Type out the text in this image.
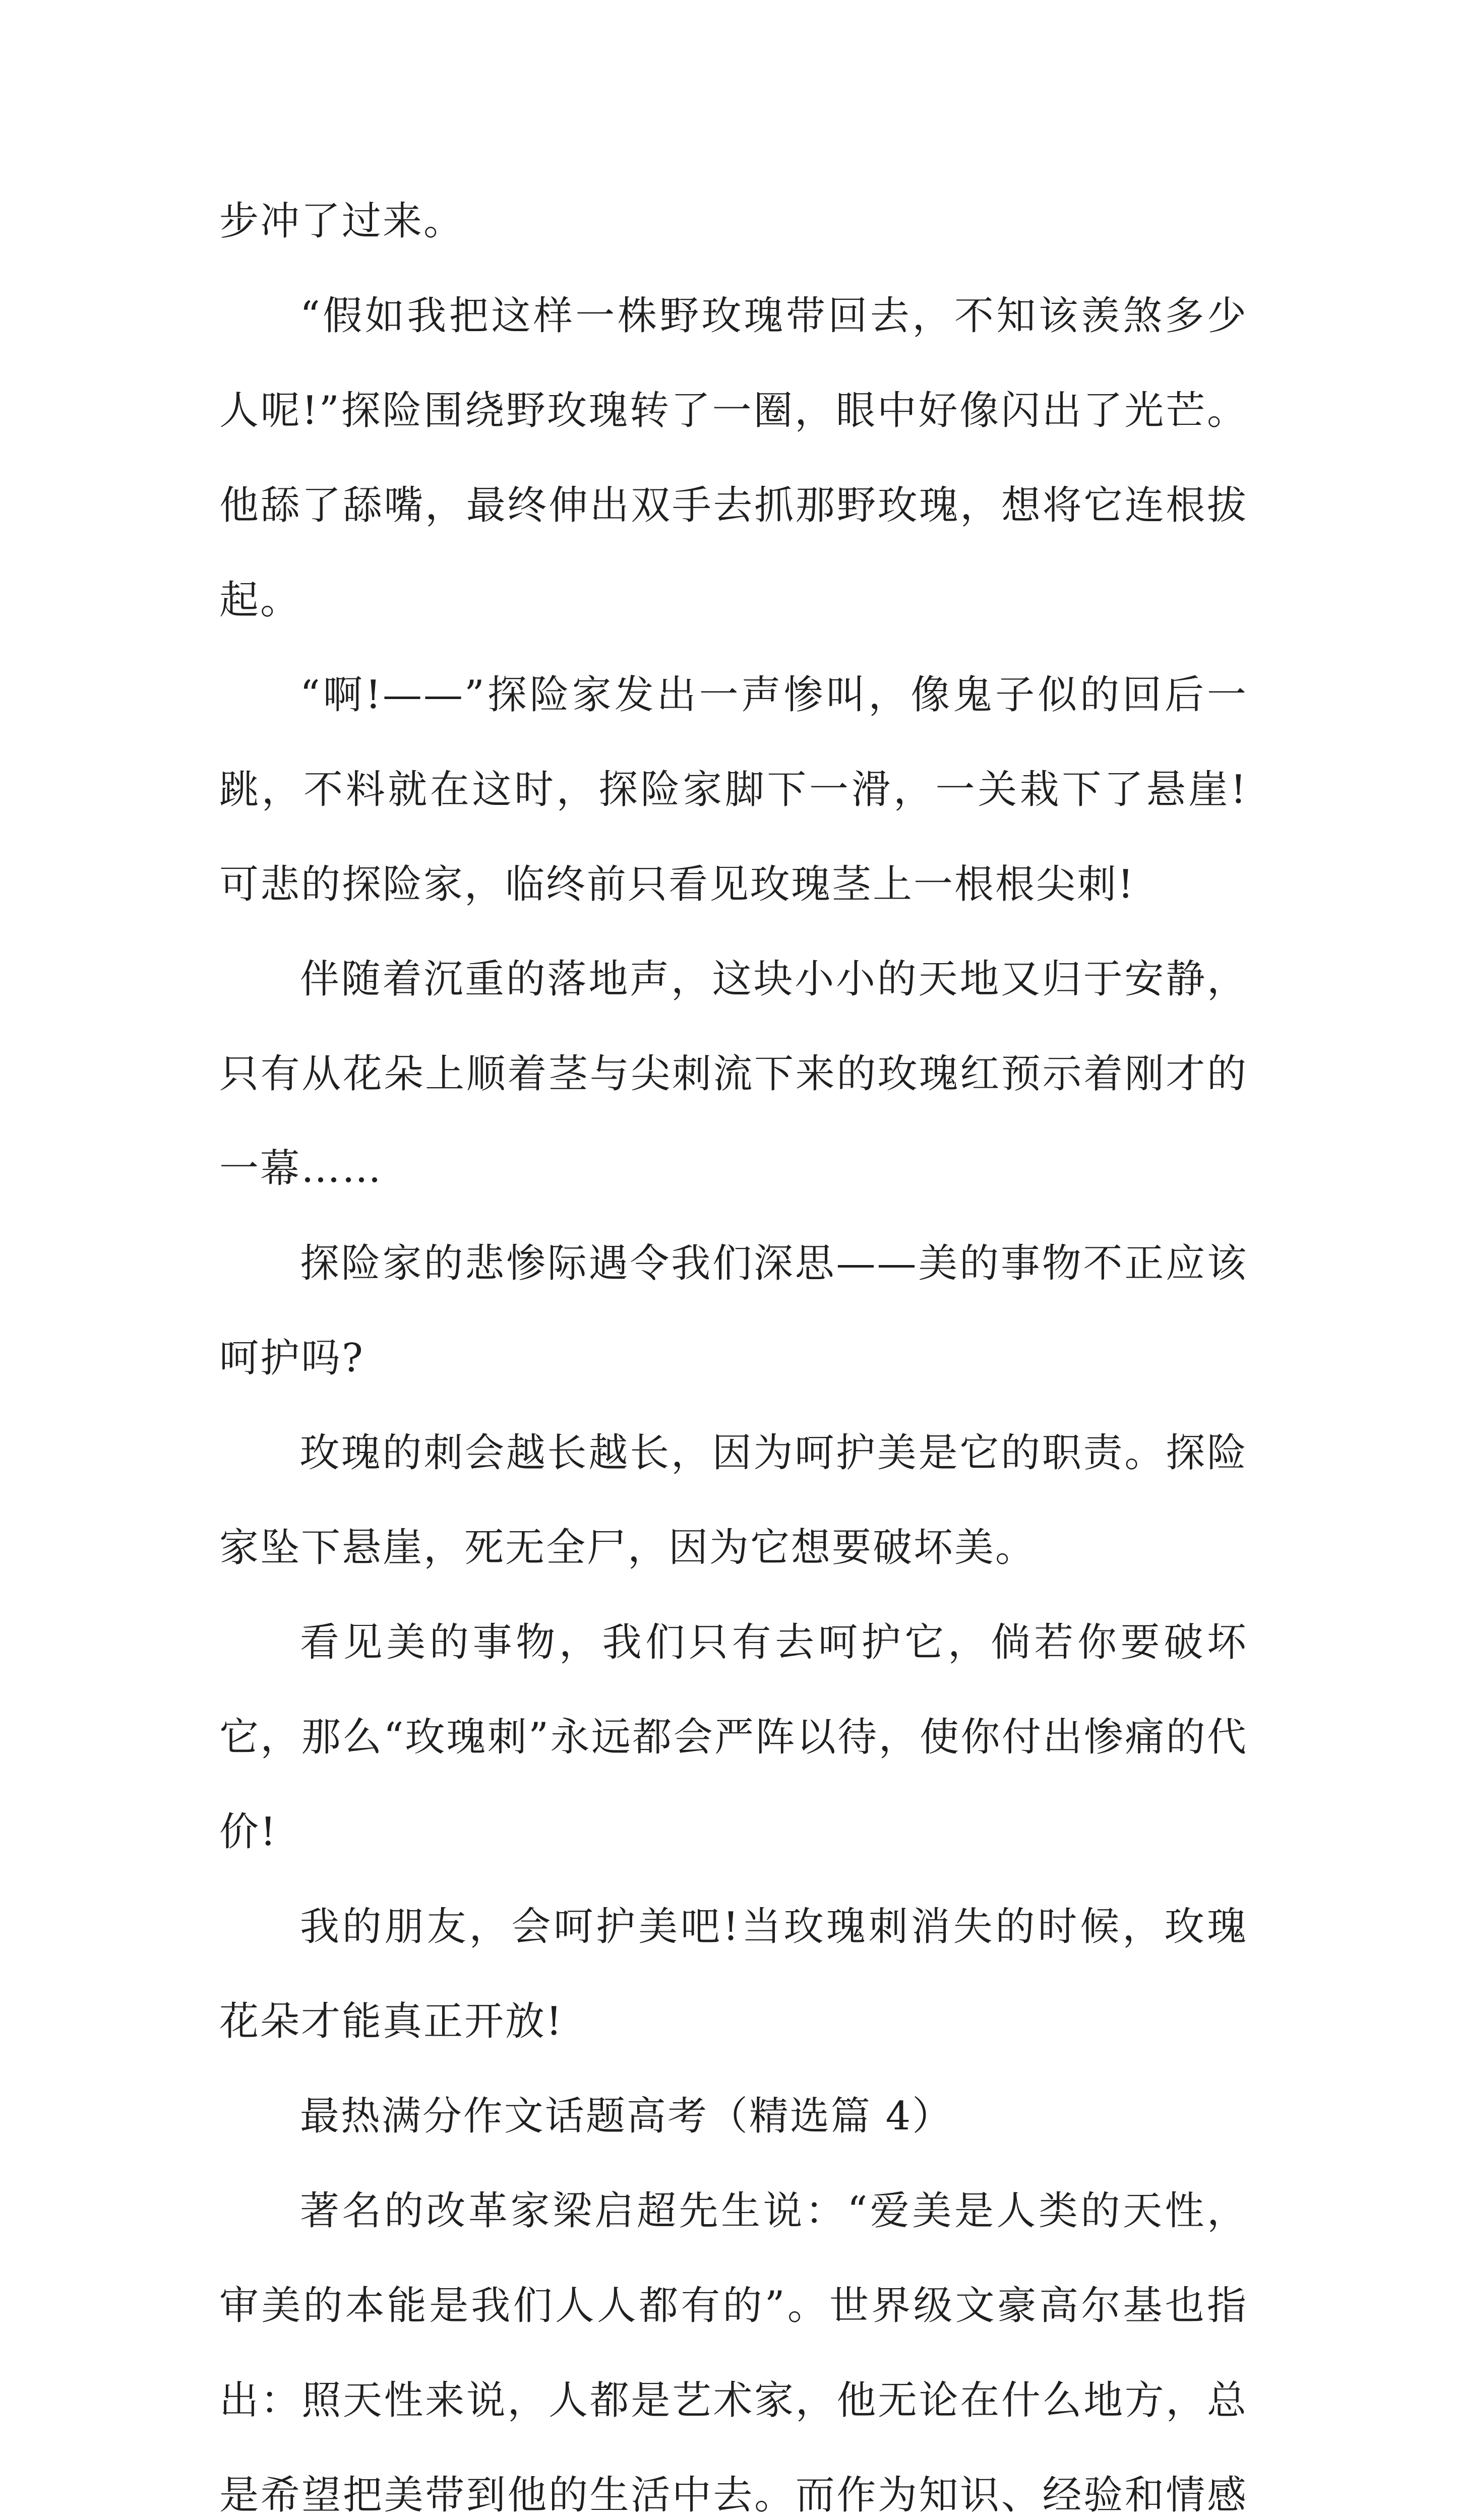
步冲了过来。

“假如我把这样一株野玫瑰带回去，不知该羡煞多少人呢!”探险围绕野玫瑰转了一圈，眼中好像闪出了光芒。他舔了舔嘴，最终伸出双手去抓那野玫瑰，想将它连根拔起。

“啊!——”探险家发出一声惨叫，像鬼子似的回后一跳，不料就在这时，探险家脚下一滑，一关栽下了悬崖!可悲的探险家，临终前只看见玫瑰茎上一根根尖刺!

伴随着沉重的落地声，这块小小的天地又归于安静，只有从花朵上顺着茎与尖刺流下来的玫瑰红预示着刚才的一幕……

探险家的悲惨际遇令我们深思——美的事物不正应该呵护吗?

玫瑰的刺会越长越长，因为呵护美是它的职责。探险家坠下悬崖，死无全尸，因为它想要破坏美。

看见美的事物，我们只有去呵护它，倘若你要破坏它，那么“玫瑰刺”永远都会严阵以待，使你付出惨痛的代价!

我的朋友，会呵护美吧!当玫瑰刺消失的时候，玫瑰花朵才能真正开放!

最热满分作文话题高考（精选篇 4）

著名的改革家梁启超先生说：“爱美是人类的天性，审美的本能是我们人人都有的”。世界级文豪高尔基也指出：照天性来说，人都是艺术家，他无论在什么地方，总是希望把美带到他的生活中去。而作为知识、经验和情感
